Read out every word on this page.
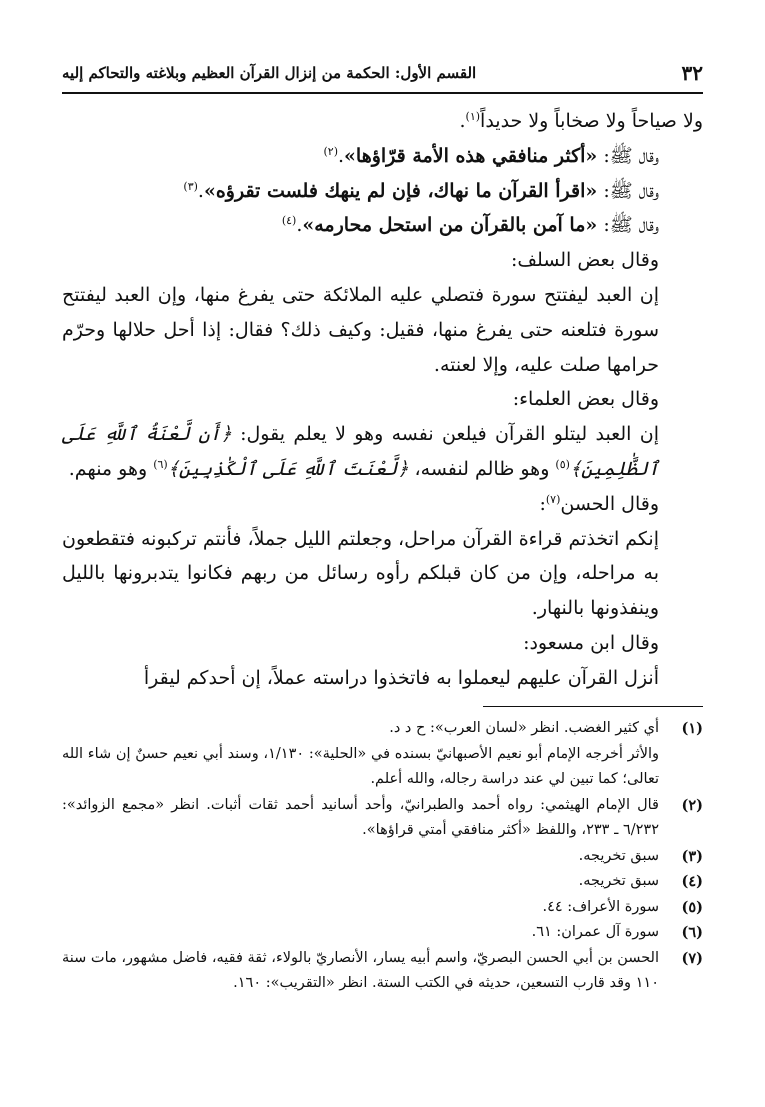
٣٢
القسم الأول: الحكمة من إنزال القرآن العظيم وبلاغته والتحاكم إليه

ولا صياحاً ولا صخاباً ولا حديداً$^{(١)}$.

وقال ﷺ: «أكثر منافقي هذه الأمة قرّاؤها».$^{(٢)}$

وقال ﷺ: «اقرأ القرآن ما نهاك، فإن لم ينهك فلست تقرؤه».$^{(٣)}$

وقال ﷺ: «ما آمن بالقرآن من استحل محارمه».$^{(٤)}$

وقال بعض السلف:

إن العبد ليفتتح سورة فتصلي عليه الملائكة حتى يفرغ منها، وإن العبد ليفتتح سورة فتلعنه حتى يفرغ منها، فقيل: وكيف ذلك؟ فقال: إذا أحل حلالها وحرّم حرامها صلت عليه، وإلا لعنته.

وقال بعض العلماء:

إن العبد ليتلو القرآن فيلعن نفسه وهو لا يعلم يقول: ﴿أَن لَّعْنَةُ ٱللَّهِ عَلَى ٱلظَّٰلِمِينَ﴾$^{(٥)}$ وهو ظالم لنفسه، ﴿لَّعْنَتَ ٱللَّهِ عَلَى ٱلْكَٰذِبِينَ﴾$^{(٦)}$ وهو منهم.

وقال الحسن$^{(٧)}$:

إنكم اتخذتم قراءة القرآن مراحل، وجعلتم الليل جملاً، فأنتم تركبونه فتقطعون به مراحله، وإن من كان قبلكم رأوه رسائل من ربهم فكانوا يتدبرونها بالليل وينفذونها بالنهار.

وقال ابن مسعود:

أنزل القرآن عليهم ليعملوا به فاتخذوا دراسته عملاً، إن أحدكم ليقرأ

(١)
أي كثير الغضب. انظر «لسان العرب»: ح د د.
والأثر أخرجه الإمام أبو نعيم الأصبهانيّ بسنده في «الحلية»: ١/١٣٠، وسند أبي نعيم حسنٌ إن شاء الله تعالى؛ كما تبين لي عند دراسة رجاله، والله أعلم.
(٢)
قال الإمام الهيثمي: رواه أحمد والطبرانيّ، وأحد أسانيد أحمد ثقات أثبات. انظر «مجمع الزوائد»: ٦/٢٣٢ ـ ٢٣٣، واللفظ «أكثر منافقي أمتي قراؤها».
(٣)
سبق تخريجه.
(٤)
سبق تخريجه.
(٥)
سورة الأعراف: ٤٤.
(٦)
سورة آل عمران: ٦١.
(٧)
الحسن بن أبي الحسن البصريّ، واسم أبيه يسار، الأنصاريّ بالولاء، ثقة فقيه، فاضل مشهور، مات سنة ١١٠ وقد قارب التسعين، حديثه في الكتب الستة. انظر «التقريب»: ١٦٠.
